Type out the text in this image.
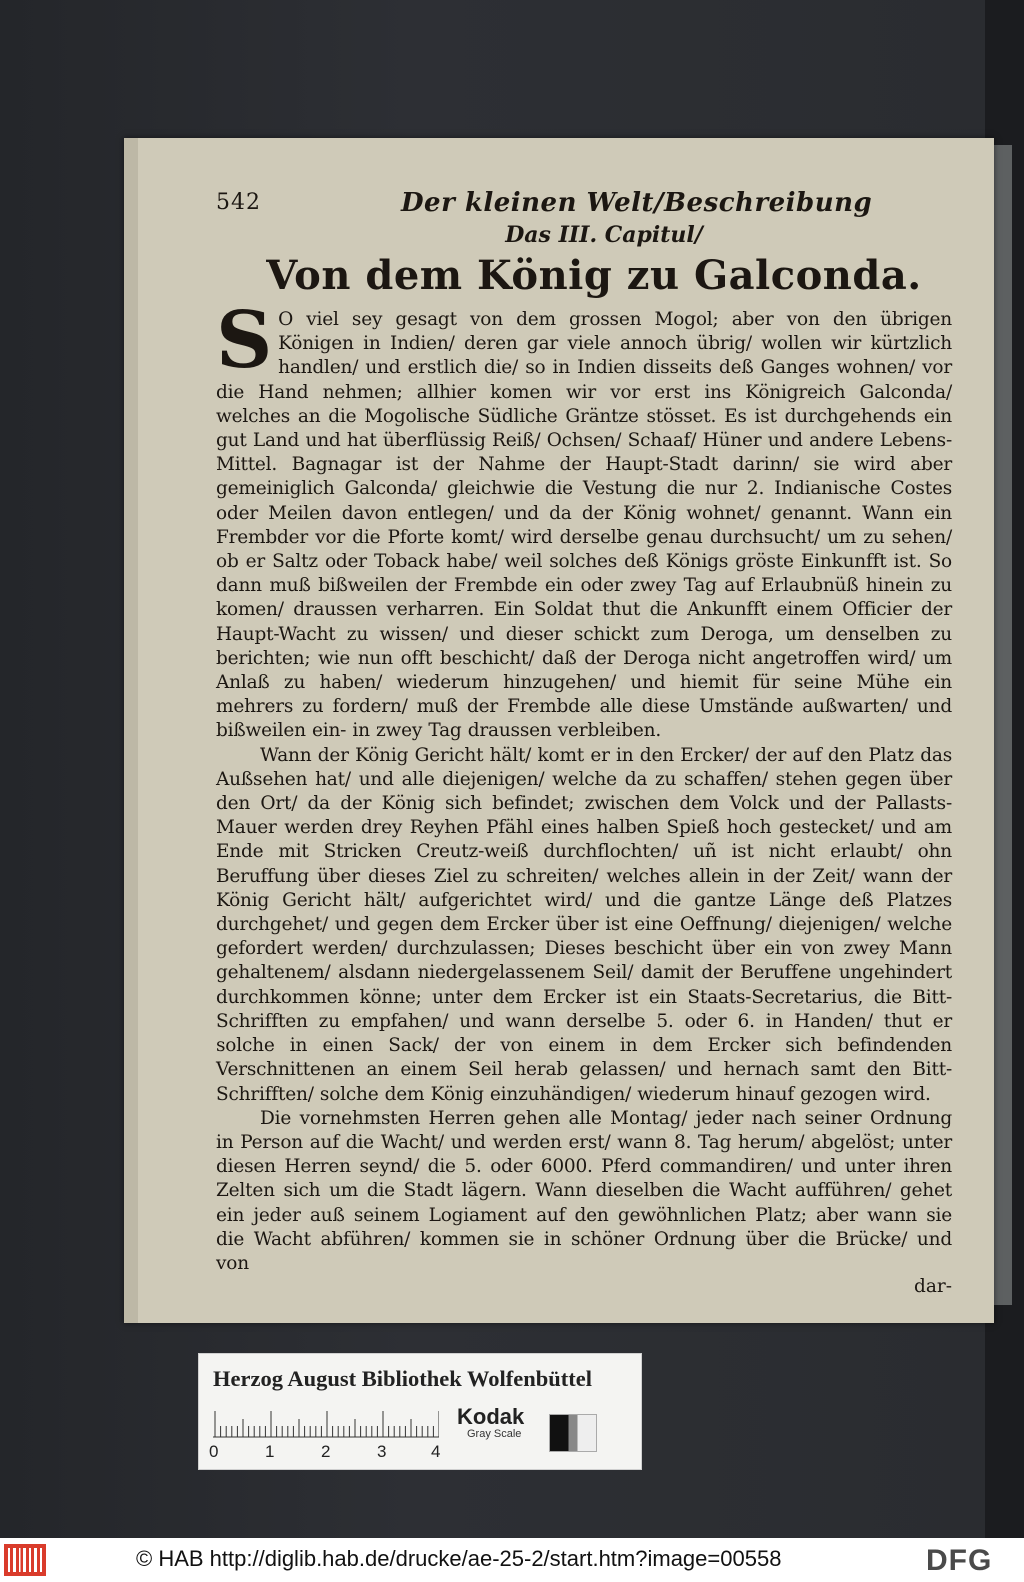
542	Der kleinen Welt/Beschreibung
Das III. Capitul/
Von dem König zu Galconda.

S O viel sey gesagt von dem grossen Mogol; aber von den übrigen Königen in Indien/ deren gar viele annoch übrig/ wollen wir kürtzlich handlen/ und erstlich die/ so in Indien disseits deß Ganges wohnen/ vor die Hand nehmen; allhier komen wir vor erst ins Königreich Galconda/ welches an die Mogolische Südliche Gräntze stösset. Es ist durchgehends ein gut Land und hat überflüssig Reiß/ Ochsen/ Schaaf/ Hüner und andere Lebens-Mittel. Bagnagar ist der Nahme der Haupt-Stadt darinn/ sie wird aber gemeiniglich Galconda/ gleichwie die Vestung die nur 2. Indianische Costes oder Meilen davon entlegen/ und da der König wohnet/ genannt. Wann ein Frembder vor die Pforte komt/ wird derselbe genau durchsucht/ um zu sehen/ ob er Saltz oder Toback habe/ weil solches deß Königs gröste Einkunfft ist. So dann muß bißweilen der Frembde ein oder zwey Tag auf Erlaubnüß hinein zu komen/ draussen verharren. Ein Soldat thut die Ankunfft einem Officier der Haupt-Wacht zu wissen/ und dieser schickt zum Deroga, um denselben zu berichten; wie nun offt beschicht/ daß der Deroga nicht angetroffen wird/ um Anlaß zu haben/ wiederum hinzugehen/ und hiemit für seine Mühe ein mehrers zu fordern/ muß der Frembde alle diese Umstände außwarten/ und bißweilen ein- in zwey Tag draussen verbleiben.

Wann der König Gericht hält/ komt er in den Ercker/ der auf den Platz das Außsehen hat/ und alle diejenigen/ welche da zu schaffen/ stehen gegen über den Ort/ da der König sich befindet; zwischen dem Volck und der Pallasts-Mauer werden drey Reyhen Pfähl eines halben Spieß hoch gestecket/ und am Ende mit Stricken Creutz-weiß durchflochten/ uñ ist nicht erlaubt/ ohn Beruffung über dieses Ziel zu schreiten/ welches allein in der Zeit/ wann der König Gericht hält/ aufgerichtet wird/ und die gantze Länge deß Platzes durchgehet/ und gegen dem Ercker über ist eine Oeffnung/ diejenigen/ welche gefordert werden/ durchzulassen; Dieses beschicht über ein von zwey Mann gehaltenem/ alsdann niedergelassenem Seil/ damit der Beruffene ungehindert durchkommen könne; unter dem Ercker ist ein Staats-Secretarius, die Bitt-Schrifften zu empfahen/ und wann derselbe 5. oder 6. in Handen/ thut er solche in einen Sack/ der von einem in dem Ercker sich befindenden Verschnittenen an einem Seil herab gelassen/ und hernach samt den Bitt-Schrifften/ solche dem König einzuhändigen/ wiederum hinauf gezogen wird.

Die vornehmsten Herren gehen alle Montag/ jeder nach seiner Ordnung in Person auf die Wacht/ und werden erst/ wann 8. Tag herum/ abgelöst; unter diesen Herren seynd/ die 5. oder 6000. Pferd commandiren/ und unter ihren Zelten sich um die Stadt lägern. Wann dieselben die Wacht aufführen/ gehet ein jeder auß seinem Logiament auf den gewöhnlichen Platz; aber wann sie die Wacht abführen/ kommen sie in schöner Ordnung über die Brücke/ und von

dar-
Herzog August Bibliothek Wolfenbüttel
0	1	2	3	4
Kodak
Gray Scale
© HAB http://diglib.hab.de/drucke/ae-25-2/start.htm?image=00558	DFG
